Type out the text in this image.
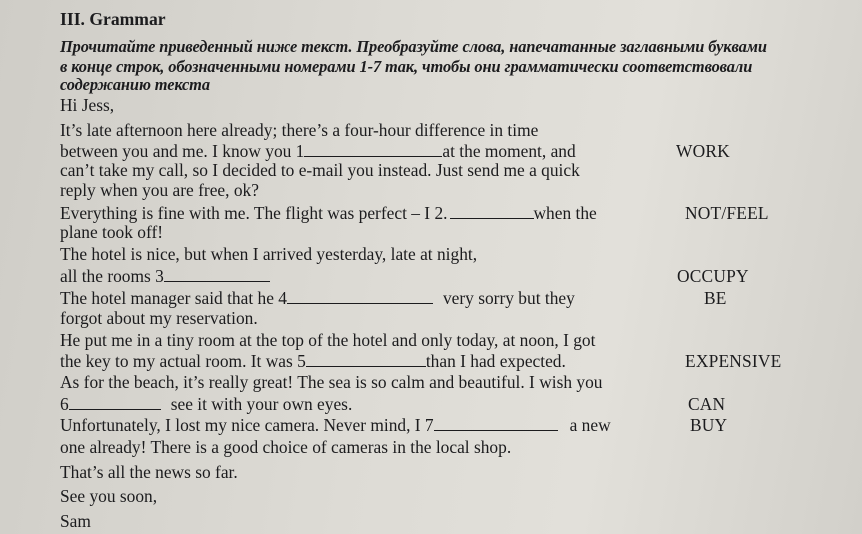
III. Grammar
Прочитайте приведенный ниже текст. Преобразуйте слова, напечатанные заглавными буквами
в конце строк, обозначенными номерами 1-7 так, чтобы они грамматически соответствовали
содержанию текста
Hi Jess,
It’s late afternoon here already; there’s a four-hour difference in time
between you and me. I know you 1	at the moment, and
can’t take my call, so I decided to e-mail you instead. Just send me a quick
reply when you are free, ok?
Everything is fine with me. The flight was perfect – I 2.	when the
plane took off!
The hotel is nice, but when I arrived yesterday, late at night,
all the rooms 3
The hotel manager said that he 4	very sorry but they
forgot about my reservation.
He put me in a tiny room at the top of the hotel and only today, at noon, I got
the key to my actual room. It was 5	than I had expected.
As for the beach, it’s really great! The sea is so calm and beautiful. I wish you
6	see it with your own eyes.
Unfortunately, I lost my nice camera. Never mind, I 7	a new
one already! There is a good choice of cameras in the local shop.
That’s all the news so far.
See you soon,
Sam
WORK
NOT/FEEL
OCCUPY
BE
EXPENSIVE
CAN
BUY
